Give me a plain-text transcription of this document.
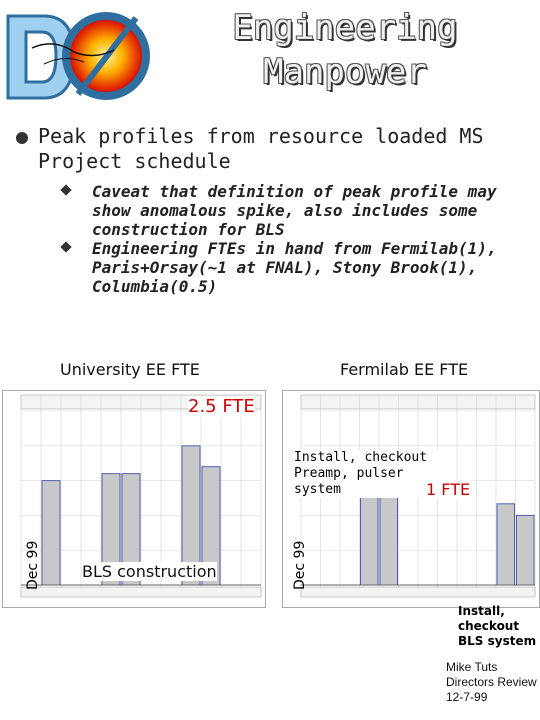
Engineering
Manpower
Peak profiles from resource loaded MS Project schedule
Caveat that definition of peak profile may show anomalous spike, also includes some construction for BLS
Engineering FTEs in hand from Fermilab(1), Paris+Orsay(~1 at FNAL), Stony Brook(1), Columbia(0.5)
University EE FTE	Fermilab EE FTE
2.5 FTE
Dec 99	BLS construction
Install, checkout Preamp, pulser system	1 FTE
Dec 99
Install,
checkout
BLS system
Mike Tuts
Directors Review
12-7-99
